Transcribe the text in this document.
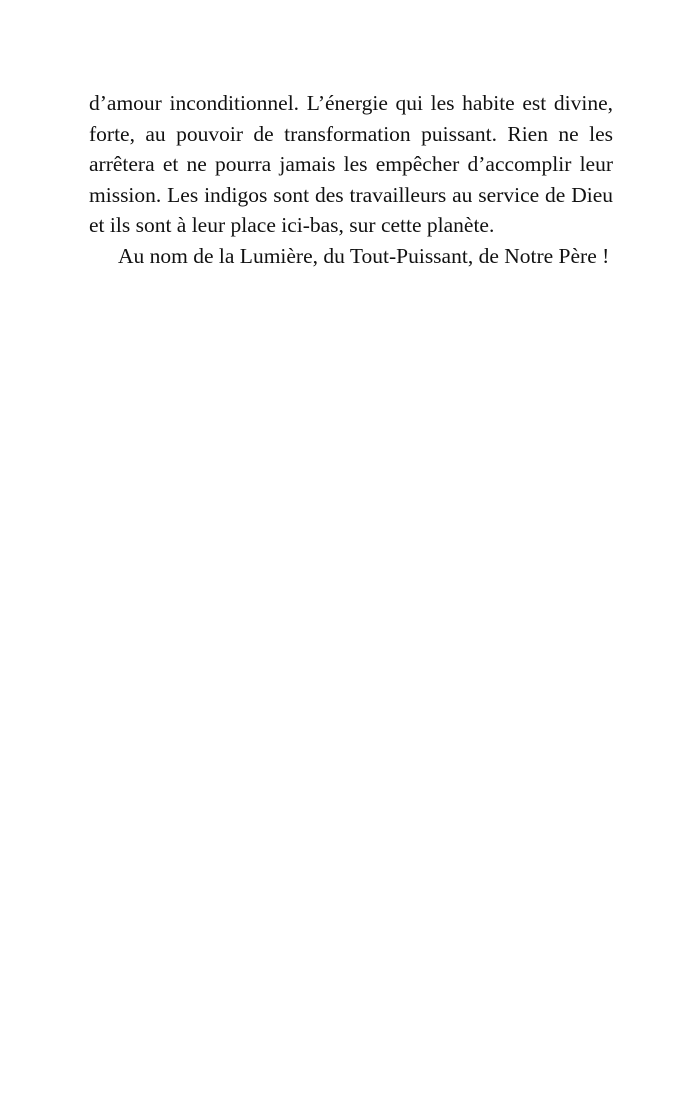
d’amour inconditionnel. L’énergie qui les habite est divine, forte, au pouvoir de transformation puissant. Rien ne les arrêtera et ne pourra jamais les empêcher d’accomplir leur mission. Les indigos sont des travailleurs au service de Dieu et ils sont à leur place ici-bas, sur cette planète.

Au nom de la Lumière, du Tout-Puissant, de Notre Père !
